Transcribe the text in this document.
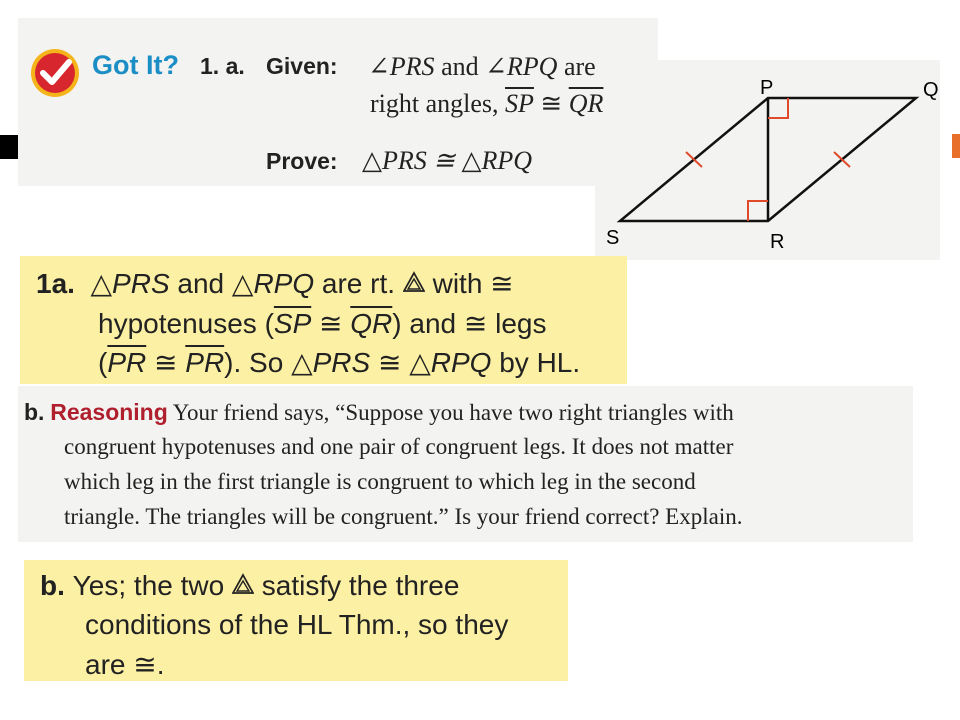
Got It? 1. a. Given: ∠PRS and ∠RPQ are
right angles, $\overline{SP}$ ≅ $\overline{QR}$
Prove: △PRS ≅ △RPQ
P	Q
S	R
1a. △PRS and △RPQ are rt.  with ≅
hypotenuses ($\overline{SP}$ ≅ $\overline{QR}$) and ≅ legs
($\overline{PR}$ ≅ $\overline{PR}$). So △PRS ≅ △RPQ by HL.
b. Reasoning Your friend says, “Suppose you have two right triangles with
congruent hypotenuses and one pair of congruent legs. It does not matter
which leg in the first triangle is congruent to which leg in the second
triangle. The triangles will be congruent.” Is your friend correct? Explain.
b. Yes; the two  satisfy the three
conditions of the HL Thm., so they
are ≅.
